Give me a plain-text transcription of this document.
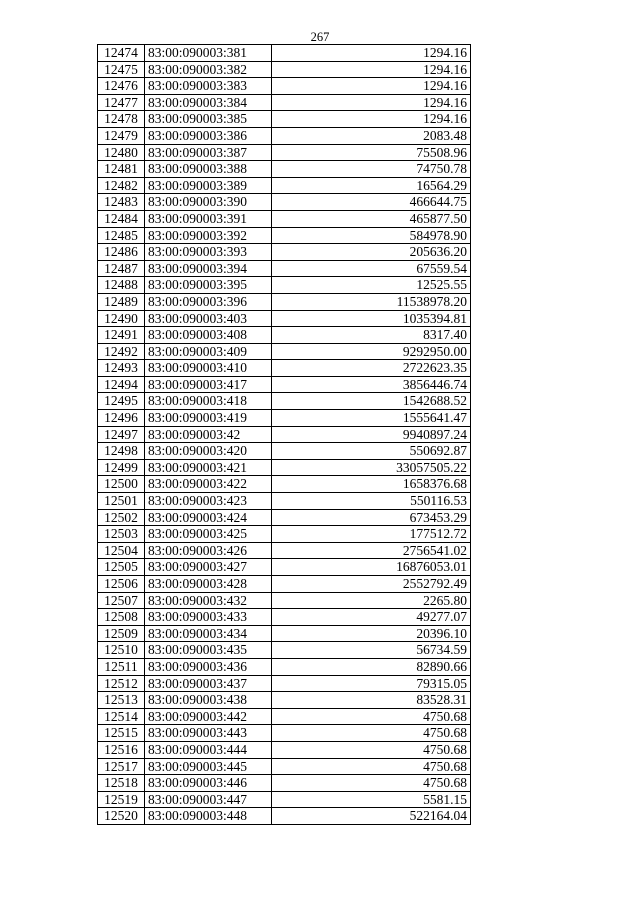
267
12474	83:00:090003:381	1294.16
12475	83:00:090003:382	1294.16
12476	83:00:090003:383	1294.16
12477	83:00:090003:384	1294.16
12478	83:00:090003:385	1294.16
12479	83:00:090003:386	2083.48
12480	83:00:090003:387	75508.96
12481	83:00:090003:388	74750.78
12482	83:00:090003:389	16564.29
12483	83:00:090003:390	466644.75
12484	83:00:090003:391	465877.50
12485	83:00:090003:392	584978.90
12486	83:00:090003:393	205636.20
12487	83:00:090003:394	67559.54
12488	83:00:090003:395	12525.55
12489	83:00:090003:396	11538978.20
12490	83:00:090003:403	1035394.81
12491	83:00:090003:408	8317.40
12492	83:00:090003:409	9292950.00
12493	83:00:090003:410	2722623.35
12494	83:00:090003:417	3856446.74
12495	83:00:090003:418	1542688.52
12496	83:00:090003:419	1555641.47
12497	83:00:090003:42	9940897.24
12498	83:00:090003:420	550692.87
12499	83:00:090003:421	33057505.22
12500	83:00:090003:422	1658376.68
12501	83:00:090003:423	550116.53
12502	83:00:090003:424	673453.29
12503	83:00:090003:425	177512.72
12504	83:00:090003:426	2756541.02
12505	83:00:090003:427	16876053.01
12506	83:00:090003:428	2552792.49
12507	83:00:090003:432	2265.80
12508	83:00:090003:433	49277.07
12509	83:00:090003:434	20396.10
12510	83:00:090003:435	56734.59
12511	83:00:090003:436	82890.66
12512	83:00:090003:437	79315.05
12513	83:00:090003:438	83528.31
12514	83:00:090003:442	4750.68
12515	83:00:090003:443	4750.68
12516	83:00:090003:444	4750.68
12517	83:00:090003:445	4750.68
12518	83:00:090003:446	4750.68
12519	83:00:090003:447	5581.15
12520	83:00:090003:448	522164.04
